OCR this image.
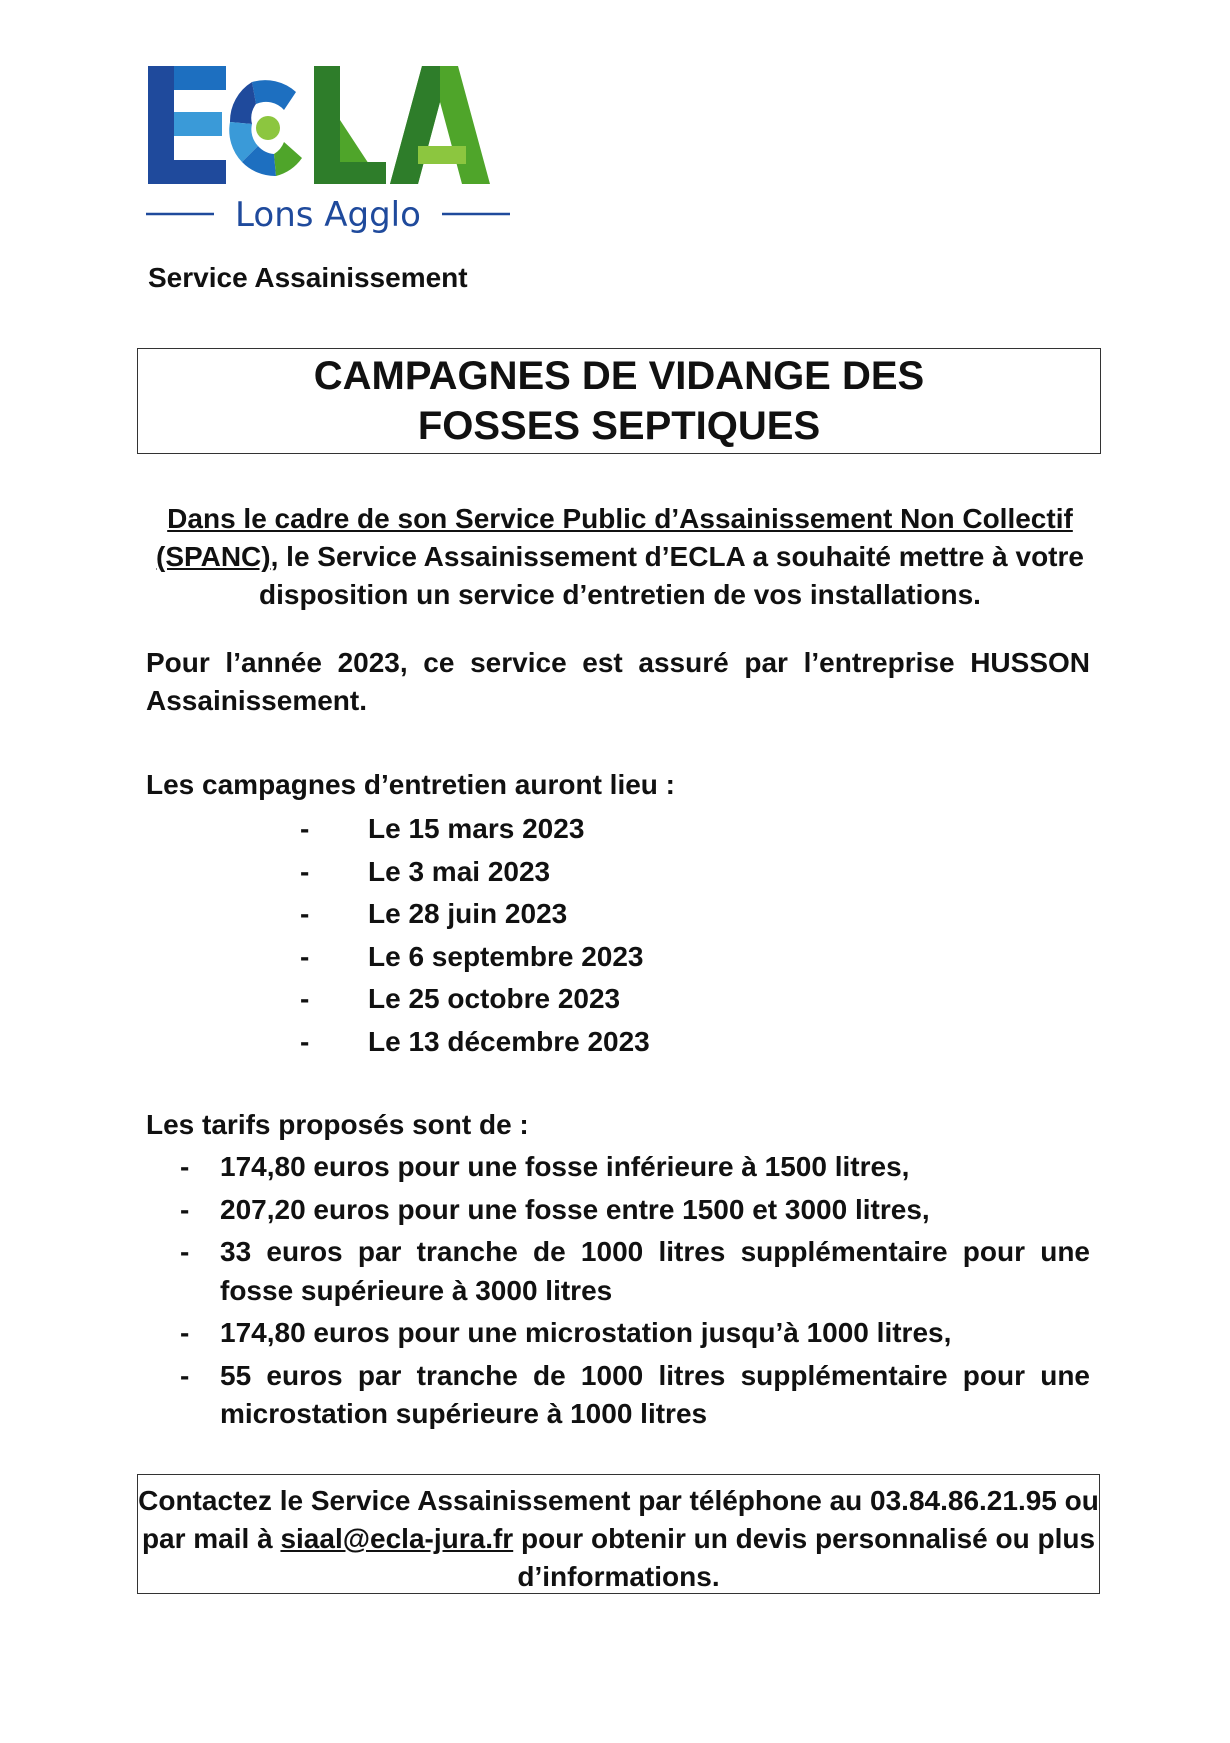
Lons Agglo
Service Assainissement
CAMPAGNES DE VIDANGE DES FOSSES SEPTIQUES
Dans le cadre de son Service Public d’Assainissement Non Collectif (SPANC), le Service Assainissement d’ECLA a souhaité mettre à votre disposition un service d’entretien de vos installations.
Pour l’année 2023, ce service est assuré par l’entreprise HUSSON Assainissement.
Les campagnes d’entretien auront lieu :
- Le 15 mars 2023
- Le 3 mai 2023
- Le 28 juin 2023
- Le 6 septembre 2023
- Le 25 octobre 2023
- Le 13 décembre 2023
Les tarifs proposés sont de :
-	174,80 euros pour une fosse inférieure à 1500 litres,
-	207,20 euros pour une fosse entre 1500 et 3000 litres,
-	33 euros par tranche de 1000 litres supplémentaire pour une fosse supérieure à 3000 litres
-	174,80 euros pour une microstation jusqu’à 1000 litres,
-	55 euros par tranche de 1000 litres supplémentaire pour une microstation supérieure à 1000 litres
Contactez le Service Assainissement par téléphone au 03.84.86.21.95 ou par mail à siaal@ecla-jura.fr pour obtenir un devis personnalisé ou plus d’informations.
